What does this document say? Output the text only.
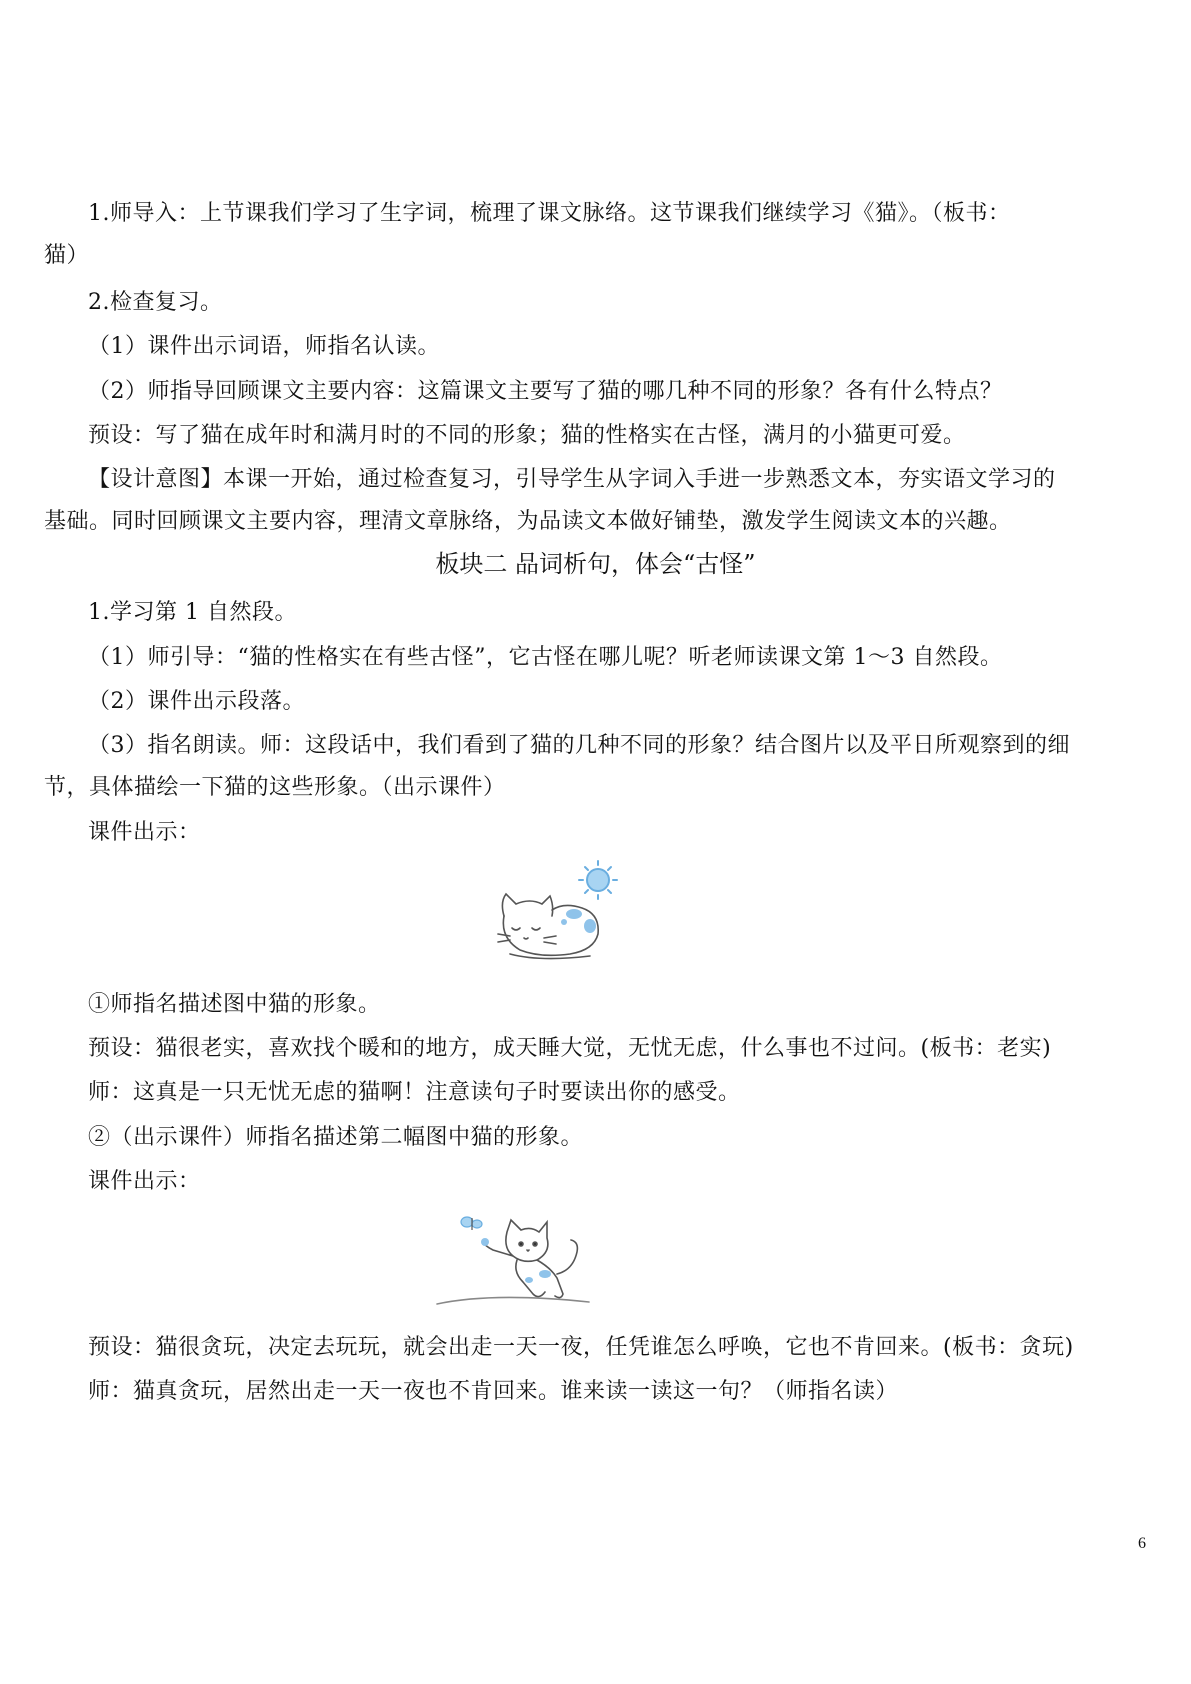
1.师导入：上节课我们学习了生字词，梳理了课文脉络。这节课我们继续学习《猫》。（板书：
猫）
2.检查复习。
（1）课件出示词语，师指名认读。
（2）师指导回顾课文主要内容：这篇课文主要写了猫的哪几种不同的形象？各有什么特点？
预设：写了猫在成年时和满月时的不同的形象；猫的性格实在古怪，满月的小猫更可爱。
【设计意图】本课一开始，通过检查复习，引导学生从字词入手进一步熟悉文本，夯实语文学习的
基础。同时回顾课文主要内容，理清文章脉络，为品读文本做好铺垫，激发学生阅读文本的兴趣。
板块二 品词析句，体会“古怪”
1.学习第 1 自然段。
（1）师引导：“猫的性格实在有些古怪”，它古怪在哪儿呢？听老师读课文第 1～3 自然段。
（2）课件出示段落。
（3）指名朗读。师：这段话中，我们看到了猫的几种不同的形象？结合图片以及平日所观察到的细
节，具体描绘一下猫的这些形象。（出示课件）
课件出示：
①师指名描述图中猫的形象。
预设：猫很老实，喜欢找个暖和的地方，成天睡大觉，无忧无虑，什么事也不过问。(板书：老实)
师：这真是一只无忧无虑的猫啊！注意读句子时要读出你的感受。
②（出示课件）师指名描述第二幅图中猫的形象。
课件出示：
预设：猫很贪玩，决定去玩玩，就会出走一天一夜，任凭谁怎么呼唤，它也不肯回来。(板书：贪玩)
师：猫真贪玩，居然出走一天一夜也不肯回来。谁来读一读这一句？（师指名读）
6
